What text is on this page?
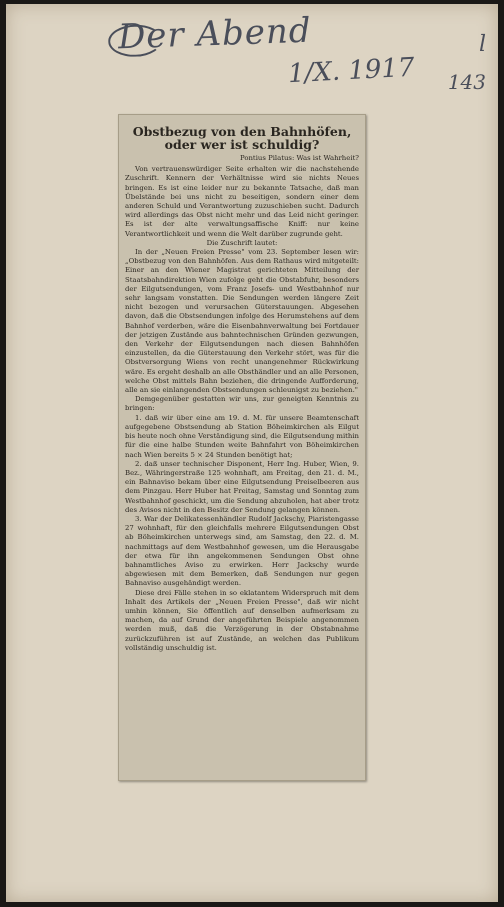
Der Abend
1/X. 1917
l
143
Obstbezug von den Bahnhöfen, oder wer ist schuldig?
Pontius Pilatus: Was ist Wahrheit?

Von vertrauenswürdiger Seite erhalten wir die nachstehende Zuschrift. Kennern der Verhältnisse wird sie nichts Neues bringen. Es ist eine leider nur zu bekannte Tatsache, daß man Übelstände bei uns nicht zu beseitigen, sondern einer dem anderen Schuld und Verantwortung zuzuschieben sucht. Dadurch wird allerdings das Obst nicht mehr und das Leid nicht geringer. Es ist der alte verwaltungsaffische Kniff: nur keine Verantwortlichkeit und wenn die Welt darüber zugrunde geht.

Die Zuschrift lautet:

In der „Neuen Freien Presse" vom 23. September lesen wir: „Obstbezug von den Bahnhöfen. Aus dem Rathaus wird mitgeteilt: Einer an den Wiener Magistrat gerichteten Mitteilung der Staatsbahndirektion Wien zufolge geht die Obstabfuhr, besonders der Eilgutsendungen, vom Franz Josefs- und Westbahnhof nur sehr langsam vonstatten. Die Sendungen werden längere Zeit nicht bezogen und verursachen Güterstauungen. Abgesehen davon, daß die Obstsendungen infolge des Herumstehens auf dem Bahnhof verderben, wäre die Eisenbahnverwaltung bei Fortdauer der jetzigen Zustände aus bahntechnischen Gründen gezwungen, den Verkehr der Eilgutsendungen nach diesen Bahnhöfen einzustellen, da die Güterstauung den Verkehr stört, was für die Obstversorgung Wiens von recht unangenehmer Rückwirkung wäre. Es ergeht deshalb an alle Obsthändler und an alle Personen, welche Obst mittels Bahn beziehen, die dringende Aufforderung, alle an sie einlangenden Obstsendungen schleunigst zu beziehen."

Demgegenüber gestatten wir uns, zur geneigten Kenntnis zu bringen:

1. daß wir über eine am 19. d. M. für unsere Beamtenschaft aufgegebene Obstsendung ab Station Böheimkirchen als Eilgut bis heute noch ohne Verständigung sind, die Eilgutsendung mithin für die eine halbe Stunden weite Bahnfahrt von Böheimkirchen nach Wien bereits 5 × 24 Stunden benötigt hat;

2. daß unser technischer Disponent, Herr Ing. Huber, Wien, 9. Bez., Währingerstraße 125 wohnhaft, am Freitag, den 21. d. M., ein Bahnaviso bekam über eine Eilgutsendung Preiselbeeren aus dem Pinzgau. Herr Huber hat Freitag, Samstag und Sonntag zum Westbahnhof geschickt, um die Sendung abzuholen, hat aber trotz des Avisos nicht in den Besitz der Sendung gelangen können.

3. War der Delikatessenhändler Rudolf Jackschy, Piaristengasse 27 wohnhaft, für den gleichfalls mehrere Eilgutsendungen Obst ab Böheimkirchen unterwegs sind, am Samstag, den 22. d. M. nachmittags auf dem Westbahnhof gewesen, um die Herausgabe der etwa für ihn angekommenen Sendungen Obst ohne bahnamtliches Aviso zu erwirken. Herr Jackschy wurde abgewiesen mit dem Bemerken, daß Sendungen nur gegen Bahnaviso ausgehändigt werden.

Diese drei Fälle stehen in so eklatantem Widerspruch mit dem Inhalt des Artikels der „Neuen Freien Presse", daß wir nicht umhin können, Sie öffentlich auf denselben aufmerksam zu machen, da auf Grund der angeführten Beispiele angenommen werden muß, daß die Verzögerung in der Obstabnahme zurückzuführen ist auf Zustände, an welchen das Publikum vollständig unschuldig ist.
